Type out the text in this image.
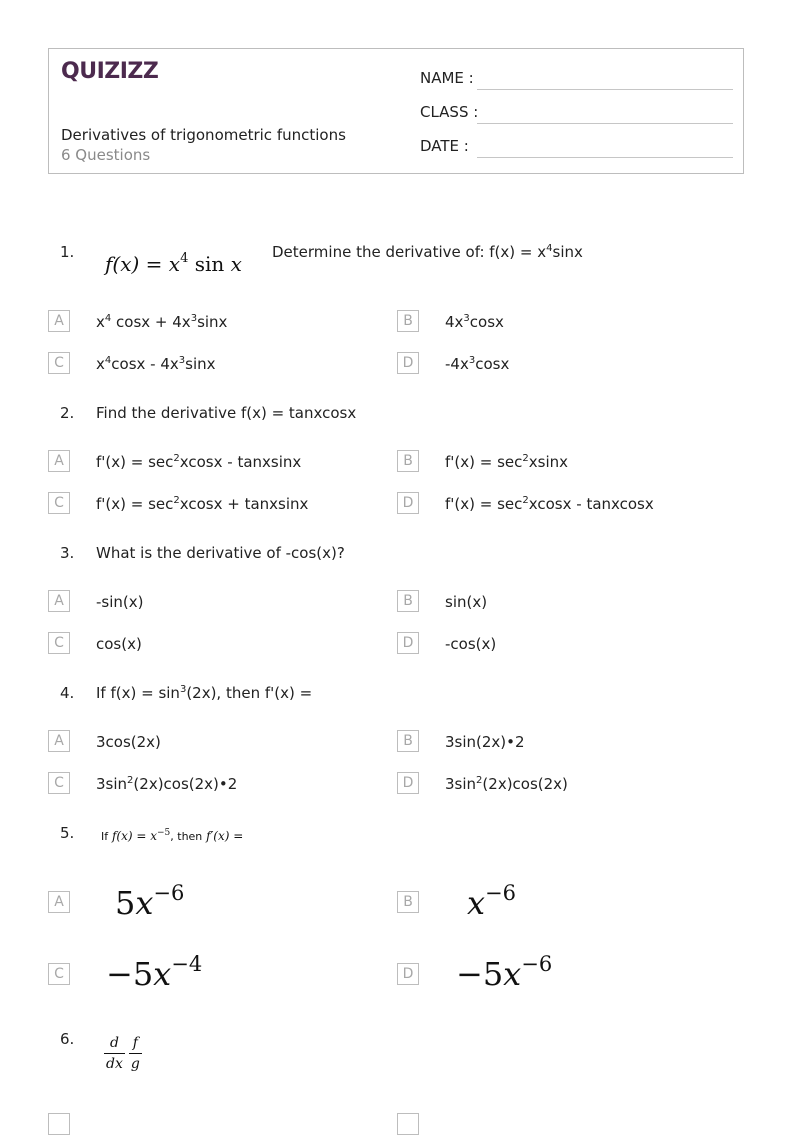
QUIZIZZ
Derivatives of trigonometric functions
6 Questions
NAME :
CLASS :
DATE :
1. $f(x) = x^4$ sin x Determine the derivative of: $f(x) = x^4\sin x$
A	$x^4$ $\cos x + 4x^3\sin x$	B	$4x^3\cos x$
C	$x^4\cos x - 4x^3\sin x$	D	$-4x^3\cos x$
2. Find the derivative f(x) = tanxcosx
A	$f'(x) = \sec^2xcosx$ - tanxsinx	B	$f'(x) = \sec^2xsinx$
C	$f'(x) = \sec^2xcosx$ + tanxsinx	D	$f'(x) = \sec^2xcosx$ - tanxcosx
3. What is the derivative of -cos(x)?
A	-sin(x)	B	sin(x)
C	cos(x)	D	-cos(x)
4. If $f(x) = \sin^3(2x)$, then f'(x) =
A	3cos(2x)	B	3sin(2x)•2
C	$3\sin^2(2x)\cos(2x)•2$	D	$3\sin^2(2x)\cos(2x)$
5. If $f(x) = x^{-5}$, then f′(x) =
A $5x^{-6}$	B $x^{-6}$
$C -5x^{-4}$	$D -5x^{-6}$
6. $\frac{d}{dx} \frac{f}{g}$
